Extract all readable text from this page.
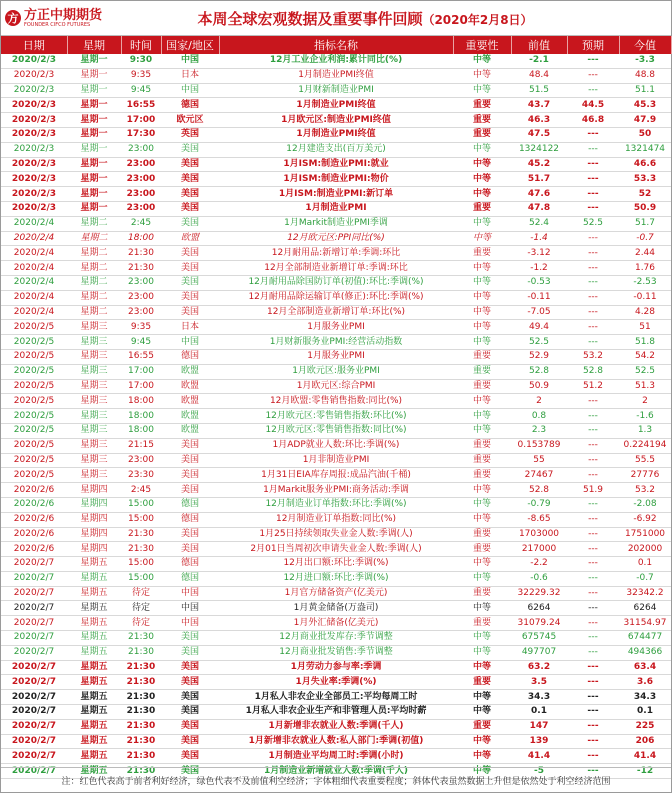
方 方正中期期货
FOUNDER CIFCO FUTURES	本周全球宏观数据及重要事件回顾（2020年2月8日）
日期	星期	时间	国家/地区	指标名称	重要性	前值	预期	今值
2020/2/3	星期一	9:30	中国	12月工业企业利润:累计同比(%)	中等	-2.1	---	-3.3
2020/2/3	星期一	9:35	日本	1月制造业PMI终值	中等	48.4	---	48.8
2020/2/3	星期一	9:45	中国	1月财新制造业PMI	中等	51.5	---	51.1
2020/2/3	星期一	16:55	德国	1月制造业PMI终值	重要	43.7	44.5	45.3
2020/2/3	星期一	17:00	欧元区	1月欧元区:制造业PMI终值	重要	46.3	46.8	47.9
2020/2/3	星期一	17:30	英国	1月制造业PMI终值	重要	47.5	---	50
2020/2/3	星期一	23:00	美国	12月建造支出(百万美元)	中等	1324122	---	1321474
2020/2/3	星期一	23:00	美国	1月ISM:制造业PMI:就业	中等	45.2	---	46.6
2020/2/3	星期一	23:00	美国	1月ISM:制造业PMI:物价	中等	51.7	---	53.3
2020/2/3	星期一	23:00	美国	1月ISM:制造业PMI:新订单	中等	47.6	---	52
2020/2/3	星期一	23:00	美国	1月制造业PMI	重要	47.8	---	50.9
2020/2/4	星期二	2:45	美国	1月Markit制造业PMI季调	中等	52.4	52.5	51.7
2020/2/4	星期二	18:00	欧盟	12月欧元区:PPI同比(%)	中等	-1.4	---	-0.7
2020/2/4	星期二	21:30	美国	12月耐用品:新增订单:季调:环比	重要	-3.12	---	2.44
2020/2/4	星期二	21:30	美国	12月全部制造业新增订单:季调:环比	中等	-1.2	---	1.76
2020/2/4	星期二	23:00	美国	12月耐用品除国防订单(初值):环比:季调(%)	中等	-0.53	---	-2.53
2020/2/4	星期二	23:00	美国	12月耐用品除运输订单(修正):环比:季调(%)	中等	-0.11	---	-0.11
2020/2/4	星期二	23:00	美国	12月全部制造业新增订单:环比(%)	中等	-7.05	---	4.28
2020/2/5	星期三	9:35	日本	1月服务业PMI	中等	49.4	---	51
2020/2/5	星期三	9:45	中国	1月财新服务业PMI:经营活动指数	中等	52.5	---	51.8
2020/2/5	星期三	16:55	德国	1月服务业PMI	重要	52.9	53.2	54.2
2020/2/5	星期三	17:00	欧盟	1月欧元区:服务业PMI	重要	52.8	52.8	52.5
2020/2/5	星期三	17:00	欧盟	1月欧元区:综合PMI	重要	50.9	51.2	51.3
2020/2/5	星期三	18:00	欧盟	12月欧盟:零售销售指数:同比(%)	中等	2	---	2
2020/2/5	星期三	18:00	欧盟	12月欧元区:零售销售指数:环比(%)	中等	0.8	---	-1.6
2020/2/5	星期三	18:00	欧盟	12月欧元区:零售销售指数:同比(%)	中等	2.3	---	1.3
2020/2/5	星期三	21:15	美国	1月ADP就业人数:环比:季调(%)	重要	0.153789	---	0.224194
2020/2/5	星期三	23:00	美国	1月非制造业PMI	重要	55	---	55.5
2020/2/5	星期三	23:30	美国	1月31日EIA库存周报:成品汽油(千桶)	重要	27467	---	27776
2020/2/6	星期四	2:45	美国	1月Markit服务业PMI:商务活动:季调	中等	52.8	51.9	53.2
2020/2/6	星期四	15:00	德国	12月制造业订单指数:环比:季调(%)	中等	-0.79	---	-2.08
2020/2/6	星期四	15:00	德国	12月制造业订单指数:同比(%)	中等	-8.65	---	-6.92
2020/2/6	星期四	21:30	美国	1月25日持续领取失业金人数:季调(人)	重要	1703000	---	1751000
2020/2/6	星期四	21:30	美国	2月01日当周初次申请失业金人数:季调(人)	重要	217000	---	202000
2020/2/7	星期五	15:00	德国	12月出口额:环比:季调(%)	中等	-2.2	---	0.1
2020/2/7	星期五	15:00	德国	12月进口额:环比:季调(%)	中等	-0.6	---	-0.7
2020/2/7	星期五	待定	中国	1月官方储备资产(亿美元)	重要	32229.32	---	32342.2
2020/2/7	星期五	待定	中国	1月黄金储备(万盎司)	中等	6264	---	6264
2020/2/7	星期五	待定	中国	1月外汇储备(亿美元)	重要	31079.24	---	31154.97
2020/2/7	星期五	21:30	美国	12月商业批发库存:季节调整	中等	675745	---	674477
2020/2/7	星期五	21:30	美国	12月商业批发销售:季节调整	中等	497707	---	494366
2020/2/7	星期五	21:30	美国	1月劳动力参与率:季调	中等	63.2	---	63.4
2020/2/7	星期五	21:30	美国	1月失业率:季调(%)	重要	3.5	---	3.6
2020/2/7	星期五	21:30	美国	1月私人非农企业全部员工:平均每周工时	中等	34.3	---	34.3
2020/2/7	星期五	21:30	美国	1月私人非农企业生产和非管理人员:平均时薪	中等	0.1	---	0.1
2020/2/7	星期五	21:30	美国	1月新增非农就业人数:季调(千人)	重要	147	---	225
2020/2/7	星期五	21:30	美国	1月新增非农就业人数:私人部门:季调(初值)	中等	139	---	206
2020/2/7	星期五	21:30	美国	1月制造业平均周工时:季调(小时)	中等	41.4	---	41.4
2020/2/7	星期五	21:30	美国	1月制造业新增就业人数:季调(千人)	中等	-5	---	-12
注：红色代表高于前者利好经济，绿色代表不及前值利空经济；字体粗细代表重要程度；斜体代表虽然数据上升但是依然处于利空经济范围
